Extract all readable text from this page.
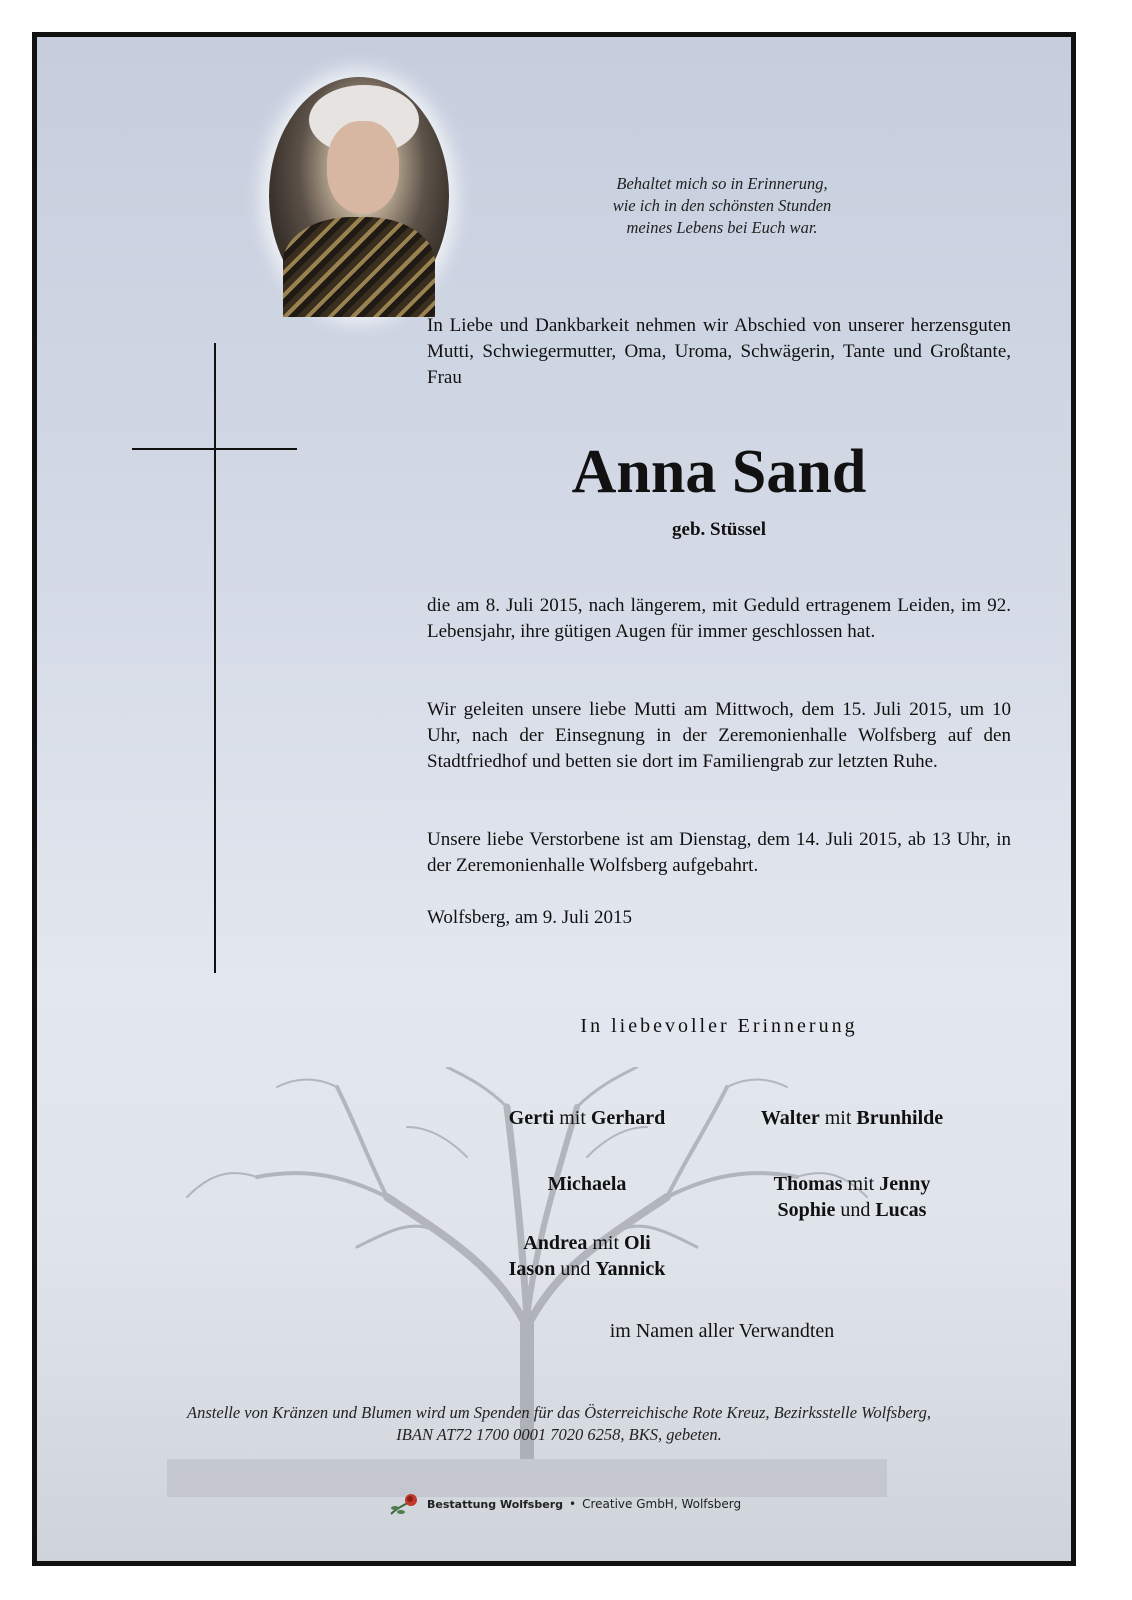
Behaltet mich so in Erinnerung,
wie ich in den schönsten Stunden
meines Lebens bei Euch war.
In Liebe und Dankbarkeit nehmen wir Abschied von unserer herzensguten Mutti, Schwiegermutter, Oma, Uroma, Schwägerin, Tante und Großtante, Frau
Anna Sand
geb. Stüssel
die am 8. Juli 2015, nach längerem, mit Geduld ertragenem Leiden, im 92. Lebensjahr, ihre gütigen Augen für immer geschlossen hat.
Wir geleiten unsere liebe Mutti am Mittwoch, dem 15. Juli 2015, um 10 Uhr, nach der Einsegnung in der Zeremonienhalle Wolfsberg auf den Stadtfriedhof und betten sie dort im Familiengrab zur letzten Ruhe.
Unsere liebe Verstorbene ist am Dienstag, dem 14. Juli 2015, ab 13 Uhr, in der Zeremonienhalle Wolfsberg aufgebahrt.
Wolfsberg, am 9. Juli 2015
In liebevoller Erinnerung
Gerti mit Gerhard	Walter mit Brunhilde
Michaela	Thomas mit Jenny
Sophie und Lucas
Andrea mit Oli
Iason und Yannick
im Namen aller Verwandten
Anstelle von Kränzen und Blumen wird um Spenden für das Österreichische Rote Kreuz, Bezirksstelle Wolfsberg,
IBAN AT72 1700 0001 7020 6258, BKS, gebeten.
Bestattung Wolfsberg • Creative GmbH, Wolfsberg
